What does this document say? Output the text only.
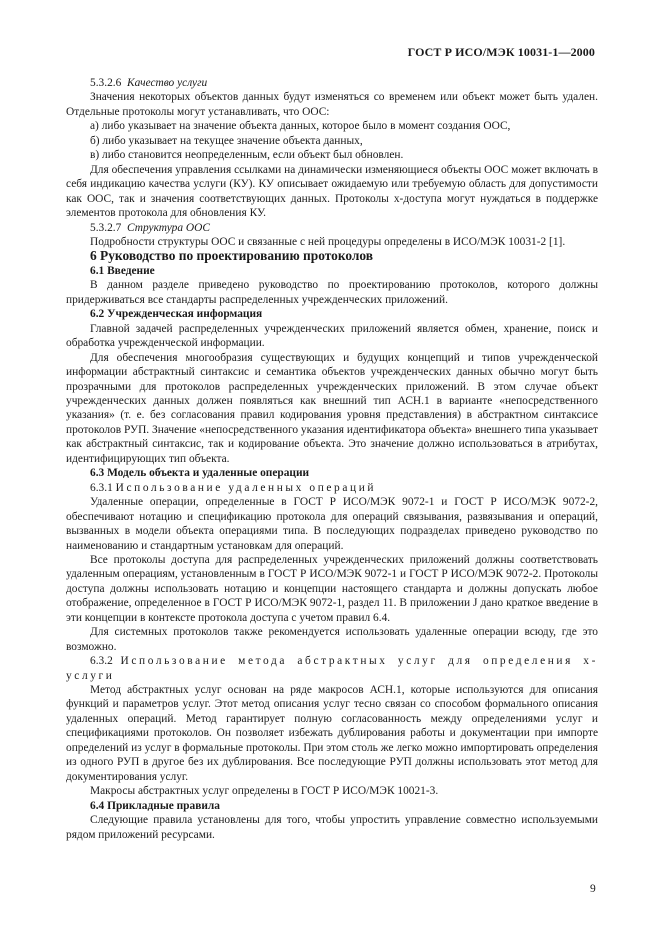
ГОСТ Р ИСО/МЭК 10031-1—2000

5.3.2.6 Качество услуги

Значения некоторых объектов данных будут изменяться со временем или объект может быть удален. Отдельные протоколы могут устанавливать, что ООС:

а) либо указывает на значение объекта данных, которое было в момент создания ООС,

б) либо указывает на текущее значение объекта данных,

в) либо становится неопределенным, если объект был обновлен.

Для обеспечения управления ссылками на динамически изменяющиеся объекты ООС может включать в себя индикацию качества услуги (КУ). КУ описывает ожидаемую или требуемую область для допустимости как ООС, так и значения соответствующих данных. Протоколы х-доступа могут нуждаться в поддержке элементов протокола для обновления КУ.

5.3.2.7 Структура ООС

Подробности структуры ООС и связанные с ней процедуры определены в ИСО/МЭК 10031-2 [1].

6 Руководство по проектированию протоколов

6.1 Введение

В данном разделе приведено руководство по проектированию протоколов, которого должны придерживаться все стандарты распределенных учрежденческих приложений.

6.2 Учрежденческая информация

Главной задачей распределенных учрежденческих приложений является обмен, хранение, поиск и обработка учрежденческой информации.

Для обеспечения многообразия существующих и будущих концепций и типов учрежденческой информации абстрактный синтаксис и семантика объектов учрежденческих данных обычно могут быть прозрачными для протоколов распределенных учрежденческих приложений. В этом случае объект учрежденческих данных должен появляться как внешний тип АСН.1 в варианте «непосредственного указания» (т. е. без согласования правил кодирования уровня представления) в абстрактном синтаксисе протоколов РУП. Значение «непосредственного указания идентификатора объекта» внешнего типа указывает как абстрактный синтаксис, так и кодирование объекта. Это значение должно использоваться в атрибутах, идентифицирующих тип объекта.

6.3 Модель объекта и удаленные операции

6.3.1 Использование удаленных операций

Удаленные операции, определенные в ГОСТ Р ИСО/МЭК 9072-1 и ГОСТ Р ИСО/МЭК 9072-2, обеспечивают нотацию и спецификацию протокола для операций связывания, развязывания и операций, вызванных в модели объекта операциями типа. В последующих подразделах приведено руководство по наименованию и стандартным установкам для операций.

Все протоколы доступа для распределенных учрежденческих приложений должны соответствовать удаленным операциям, установленным в ГОСТ Р ИСО/МЭК 9072-1 и ГОСТ Р ИСО/МЭК 9072-2. Протоколы доступа должны использовать нотацию и концепции настоящего стандарта и должны допускать любое отображение, определенное в ГОСТ Р ИСО/МЭК 9072-1, раздел 11. В приложении J дано краткое введение в эти концепции в контексте протокола доступа с учетом правил 6.4.

Для системных протоколов также рекомендуется использовать удаленные операции всюду, где это возможно.

6.3.2 Использование метода абстрактных услуг для определения х-услуги

Метод абстрактных услуг основан на ряде макросов АСН.1, которые используются для описания функций и параметров услуг. Этот метод описания услуг тесно связан со способом формального описания удаленных операций. Метод гарантирует полную согласованность между определениями услуг и спецификациями протоколов. Он позволяет избежать дублирования работы и документации при импорте определений из услуг в формальные протоколы. При этом столь же легко можно импортировать определения из одного РУП в другое без их дублирования. Все последующие РУП должны использовать этот метод для документирования услуг.

Макросы абстрактных услуг определены в ГОСТ Р ИСО/МЭК 10021-3.

6.4 Прикладные правила

Следующие правила установлены для того, чтобы упростить управление совместно используемыми рядом приложений ресурсами.

9
